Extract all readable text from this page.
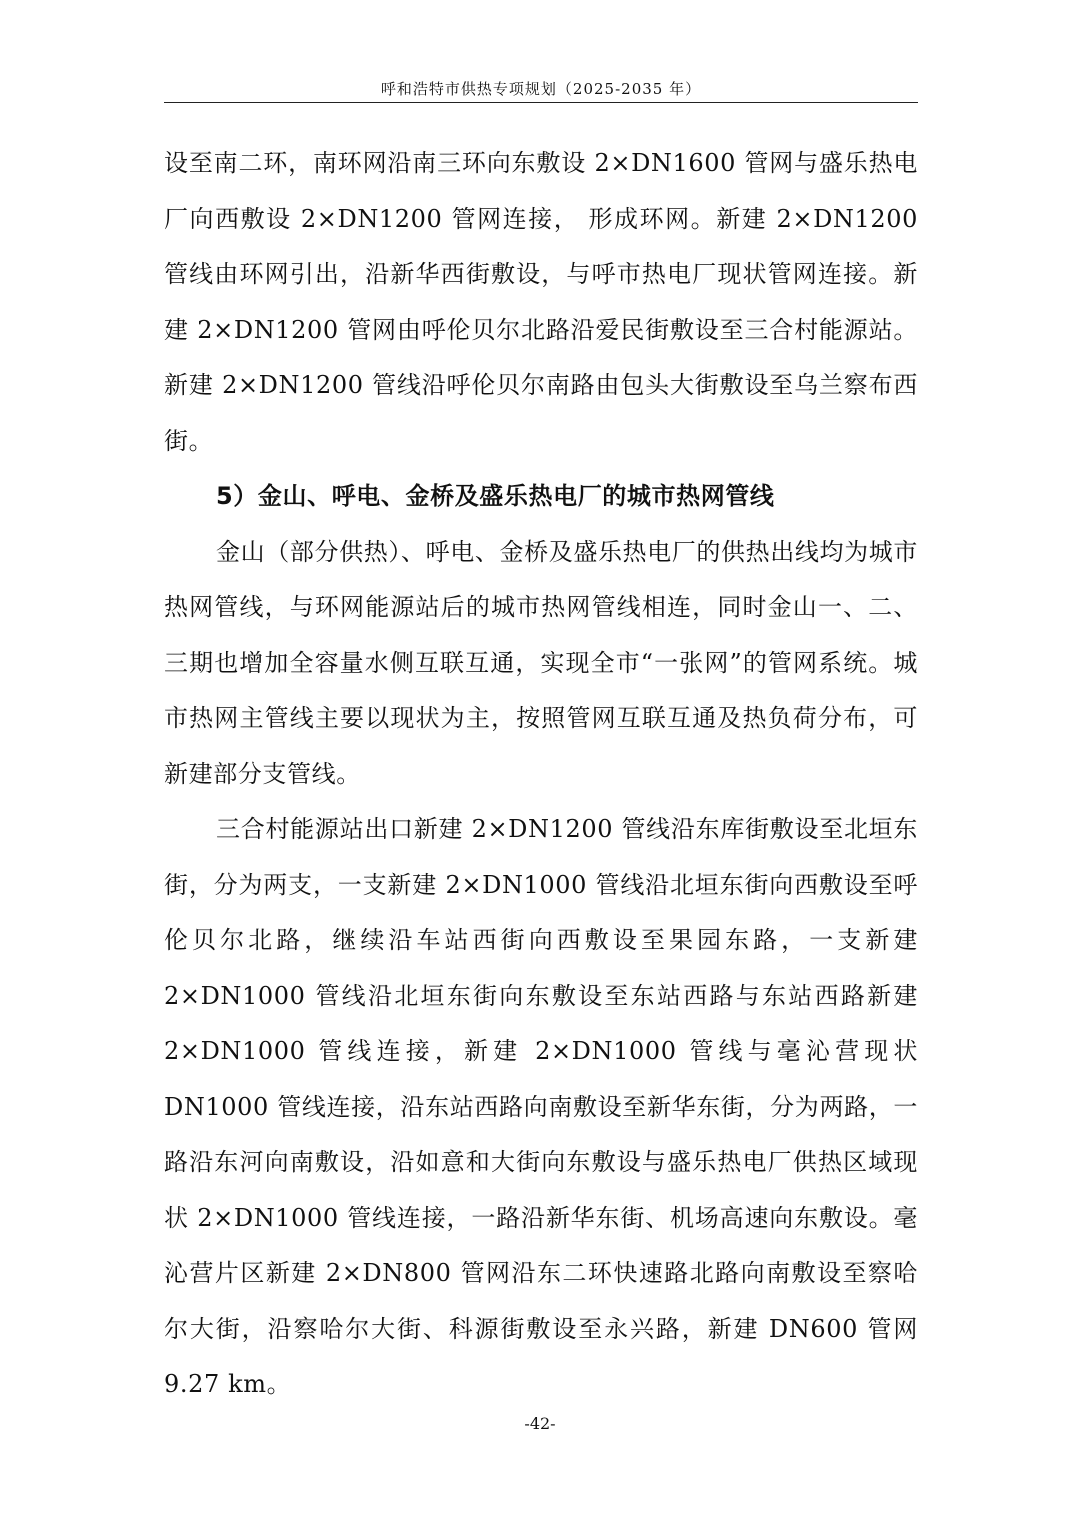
呼和浩特市供热专项规划（2025-2035 年）

设至南二环，南环网沿南三环向东敷设 2×DN1600 管网与盛乐热电厂向西敷设 2×DN1200 管网连接， 形成环网。新建 2×DN1200 管线由环网引出，沿新华西街敷设，与呼市热电厂现状管网连接。新建 2×DN1200 管网由呼伦贝尔北路沿爱民街敷设至三合村能源站。新建 2×DN1200 管线沿呼伦贝尔南路由包头大街敷设至乌兰察布西街。

5）金山、呼电、金桥及盛乐热电厂的城市热网管线

金山（部分供热）、呼电、金桥及盛乐热电厂的供热出线均为城市热网管线，与环网能源站后的城市热网管线相连，同时金山一、二、三期也增加全容量水侧互联互通，实现全市“一张网”的管网系统。城市热网主管线主要以现状为主，按照管网互联互通及热负荷分布，可新建部分支管线。

三合村能源站出口新建 2×DN1200 管线沿东库街敷设至北垣东街，分为两支，一支新建 2×DN1000 管线沿北垣东街向西敷设至呼伦贝尔北路，继续沿车站西街向西敷设至果园东路，一支新建 2×DN1000 管线沿北垣东街向东敷设至东站西路与东站西路新建 2×DN1000 管线连接，新建 2×DN1000 管线与毫沁营现状 DN1000 管线连接，沿东站西路向南敷设至新华东街，分为两路，一路沿东河向南敷设，沿如意和大街向东敷设与盛乐热电厂供热区域现状 2×DN1000 管线连接，一路沿新华东街、机场高速向东敷设。毫沁营片区新建 2×DN800 管网沿东二环快速路北路向南敷设至察哈尔大街，沿察哈尔大街、科源街敷设至永兴路，新建 DN600 管网 9.27 km。

-42-
